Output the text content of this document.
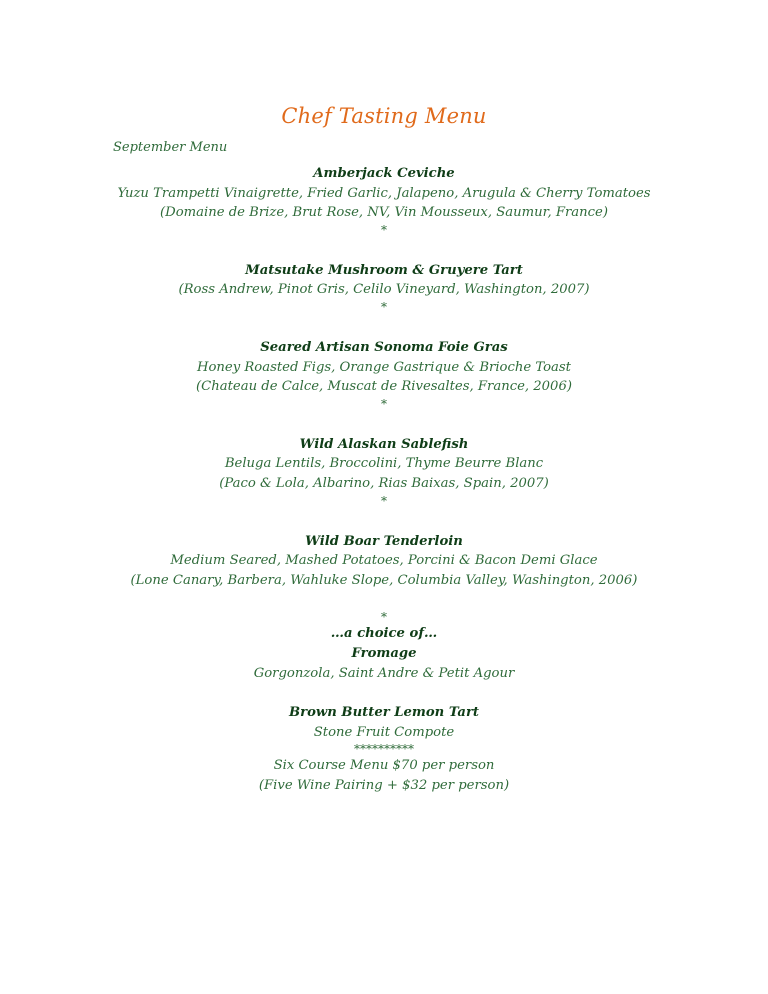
Chef Tasting Menu
September Menu
Amberjack Ceviche
Yuzu Trampetti Vinaigrette, Fried Garlic, Jalapeno, Arugula & Cherry Tomatoes
(Domaine de Brize, Brut Rose, NV, Vin Mousseux, Saumur, France)
*
Matsutake Mushroom & Gruyere Tart
(Ross Andrew, Pinot Gris, Celilo Vineyard, Washington, 2007)
*
Seared Artisan Sonoma Foie Gras
Honey Roasted Figs, Orange Gastrique & Brioche Toast
(Chateau de Calce, Muscat de Rivesaltes, France, 2006)
*
Wild Alaskan Sablefish
Beluga Lentils, Broccolini, Thyme Beurre Blanc
(Paco & Lola, Albarino, Rias Baixas, Spain, 2007)
*
Wild Boar Tenderloin
Medium Seared, Mashed Potatoes, Porcini & Bacon Demi Glace
(Lone Canary, Barbera, Wahluke Slope, Columbia Valley, Washington, 2006)
*
…a choice of…
Fromage
Gorgonzola, Saint Andre & Petit Agour
Brown Butter Lemon Tart
Stone Fruit Compote
**********
Six Course Menu $70 per person
(Five Wine Pairing + $32 per person)
